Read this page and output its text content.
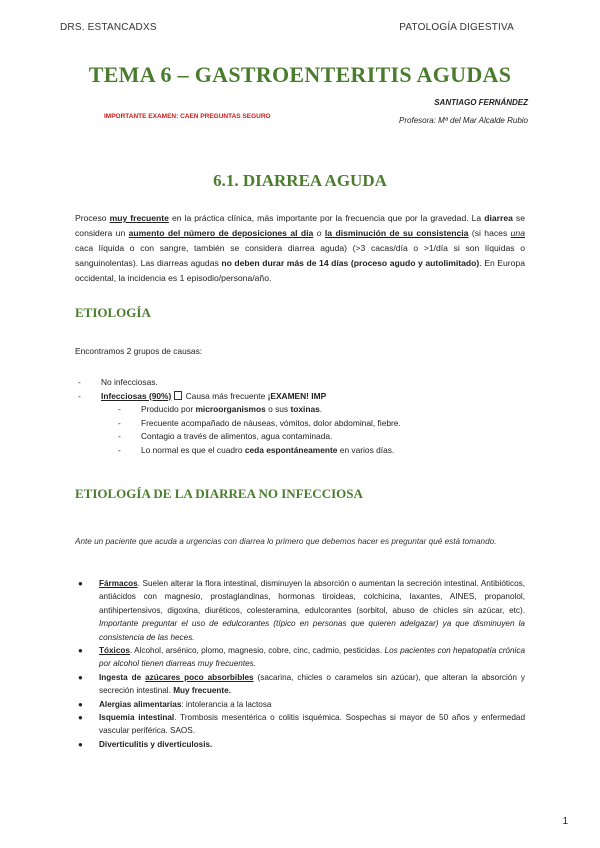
DRS. ESTANCADXS	PATOLOGÍA DIGESTIVA
TEMA 6 – GASTROENTERITIS AGUDAS
SANTIAGO FERNÁNDEZ
IMPORTANTE EXAMEN: CAEN PREGUNTAS SEGURO	Profesora: Mª del Mar Alcalde Rubio
6.1. DIARREA AGUDA
Proceso muy frecuente en la práctica clínica, más importante por la frecuencia que por la gravedad. La diarrea se considera un aumento del número de deposiciones al día o la disminución de su consistencia (si haces una caca líquida o con sangre, también se considera diarrea aguda) (>3 cacas/día o >1/día si son líquidas o sanguinolentas). Las diarreas agudas no deben durar más de 14 días (proceso agudo y autolimitado). En Europa occidental, la incidencia es 1 episodio/persona/año.
ETIOLOGÍA
Encontramos 2 grupos de causas:
- No infecciosas.
- Infecciosas (90%) Causa más frecuente ¡EXAMEN! IMP
- Producido por microorganismos o sus toxinas.
- Frecuente acompañado de náuseas, vómitos, dolor abdominal, fiebre.
- Contagio a través de alimentos, agua contaminada.
- Lo normal es que el cuadro ceda espontáneamente en varios días.
ETIOLOGÍA DE LA DIARREA NO INFECCIOSA
Ante un paciente que acuda a urgencias con diarrea lo primero que debemos hacer es preguntar qué está tomando.
● Fármacos. Suelen alterar la flora intestinal, disminuyen la absorción o aumentan la secreción intestinal. Antibióticos, antiácidos con magnesio, prostaglandinas, hormonas tiroideas, colchicina, laxantes, AINES, propanolol, antihipertensivos, digoxina, diuréticos, colesteramina, edulcorantes (sorbitol, abuso de chicles sin azúcar, etc). Importante preguntar el uso de edulcorantes (típico en personas que quieren adelgazar) ya que disminuyen la consistencia de las heces.
● Tóxicos. Alcohol, arsénico, plomo, magnesio, cobre, cinc, cadmio, pesticidas. Los pacientes con hepatopatía crónica por alcohol tienen diarreas muy frecuentes.
● Ingesta de azúcares poco absorbibles (sacarina, chicles o caramelos sin azúcar), que alteran la absorción y secreción intestinal. Muy frecuente.
● Alergias alimentarias: intolerancia a la lactosa
● Isquemia intestinal. Trombosis mesentérica o colitis isquémica. Sospechas si mayor de 50 años y enfermedad vascular periférica. SAOS.
● Diverticulitis y diverticulosis.
1
